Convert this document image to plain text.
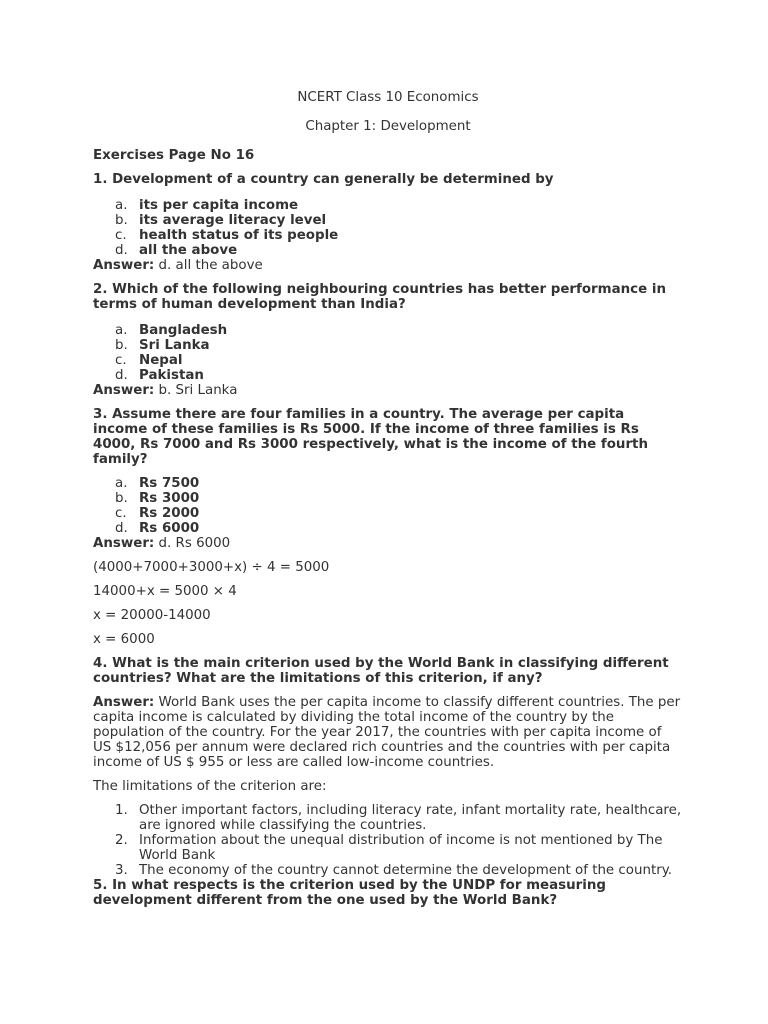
NCERT Class 10 Economics

Chapter 1: Development

Exercises Page No 16

1. Development of a country can generally be determined by

a. its per capita income
b. its average literacy level
c. health status of its people
d. all the above

Answer: d. all the above

2. Which of the following neighbouring countries has better performance in terms of human development than India?

a. Bangladesh
b. Sri Lanka
c. Nepal
d. Pakistan

Answer: b. Sri Lanka

3. Assume there are four families in a country. The average per capita income of these families is Rs 5000. If the income of three families is Rs 4000, Rs 7000 and Rs 3000 respectively, what is the income of the fourth family?

a. Rs 7500
b. Rs 3000
c. Rs 2000
d. Rs 6000

Answer: d. Rs 6000

(4000+7000+3000+x) ÷ 4 = 5000

14000+x = 5000 × 4

x = 20000-14000

x = 6000

4. What is the main criterion used by the World Bank in classifying different countries? What are the limitations of this criterion, if any?

Answer: World Bank uses the per capita income to classify different countries. The per capita income is calculated by dividing the total income of the country by the population of the country. For the year 2017, the countries with per capita income of US $12,056 per annum were declared rich countries and the countries with per capita income of US $ 955 or less are called low-income countries.

The limitations of the criterion are:

1. Other important factors, including literacy rate, infant mortality rate, healthcare, are ignored while classifying the countries.
2. Information about the unequal distribution of income is not mentioned by The World Bank
3. The economy of the country cannot determine the development of the country.

5. In what respects is the criterion used by the UNDP for measuring development different from the one used by the World Bank?
